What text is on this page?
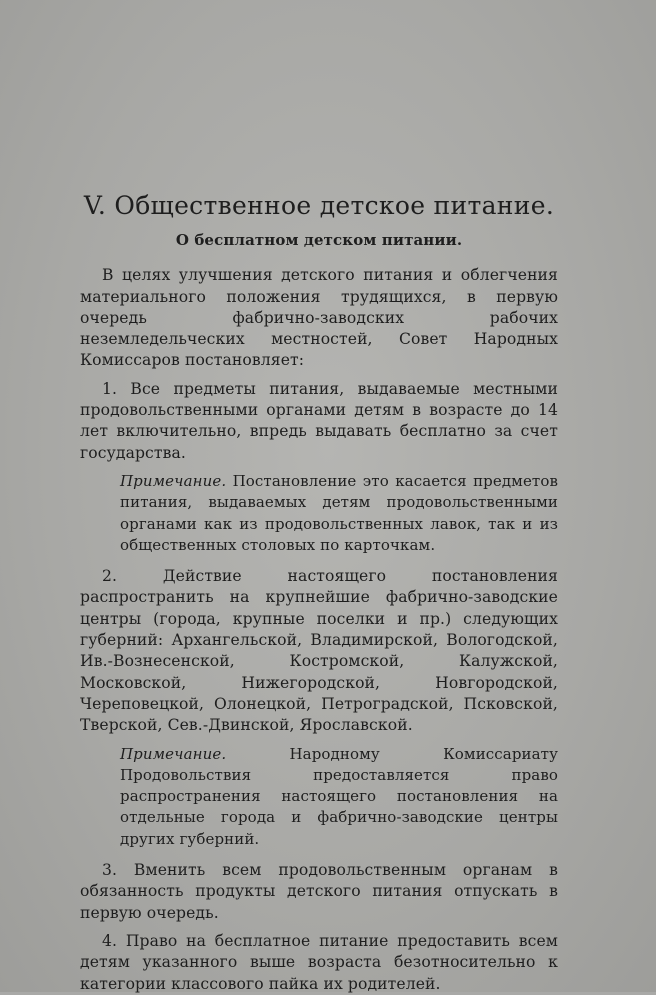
V. Общественное детское питание.
О бесплатном детском питании.

В целях улучшения детского питания и облегчения материального положения трудящихся, в первую очередь фабрично-заводских рабочих неземледельческих местностей, Совет Народных Комиссаров постановляет:

1. Все предметы питания, выдаваемые местными продовольственными органами детям в возрасте до 14 лет включительно, впредь выдавать бесплатно за счет государства.

Примечание. Постановление это касается предметов питания, выдаваемых детям продовольственными органами как из продовольственных лавок, так и из общественных столовых по карточкам.

2. Действие настоящего постановления распространить на крупнейшие фабрично-заводские центры (города, крупные поселки и пр.) следующих губерний: Архангельской, Владимирской, Вологодской, Ив.-Вознесенской, Костромской, Калужской, Московской, Нижегородской, Новгородской, Череповецкой, Олонецкой, Петроградской, Псковской, Тверской, Сев.-Двинской, Ярославской.

Примечание.	Народному Комиссариату Продовольствия предоставляется право распространения настоящего постановления на отдельные города и фабрично-заводские центры других губерний.

3. Вменить всем продовольственным органам в обязанность продукты детского питания отпускать в первую очередь.

4. Право на бесплатное питание предоставить всем детям указанного выше возраста безотносительно к категории классового пайка их родителей.
